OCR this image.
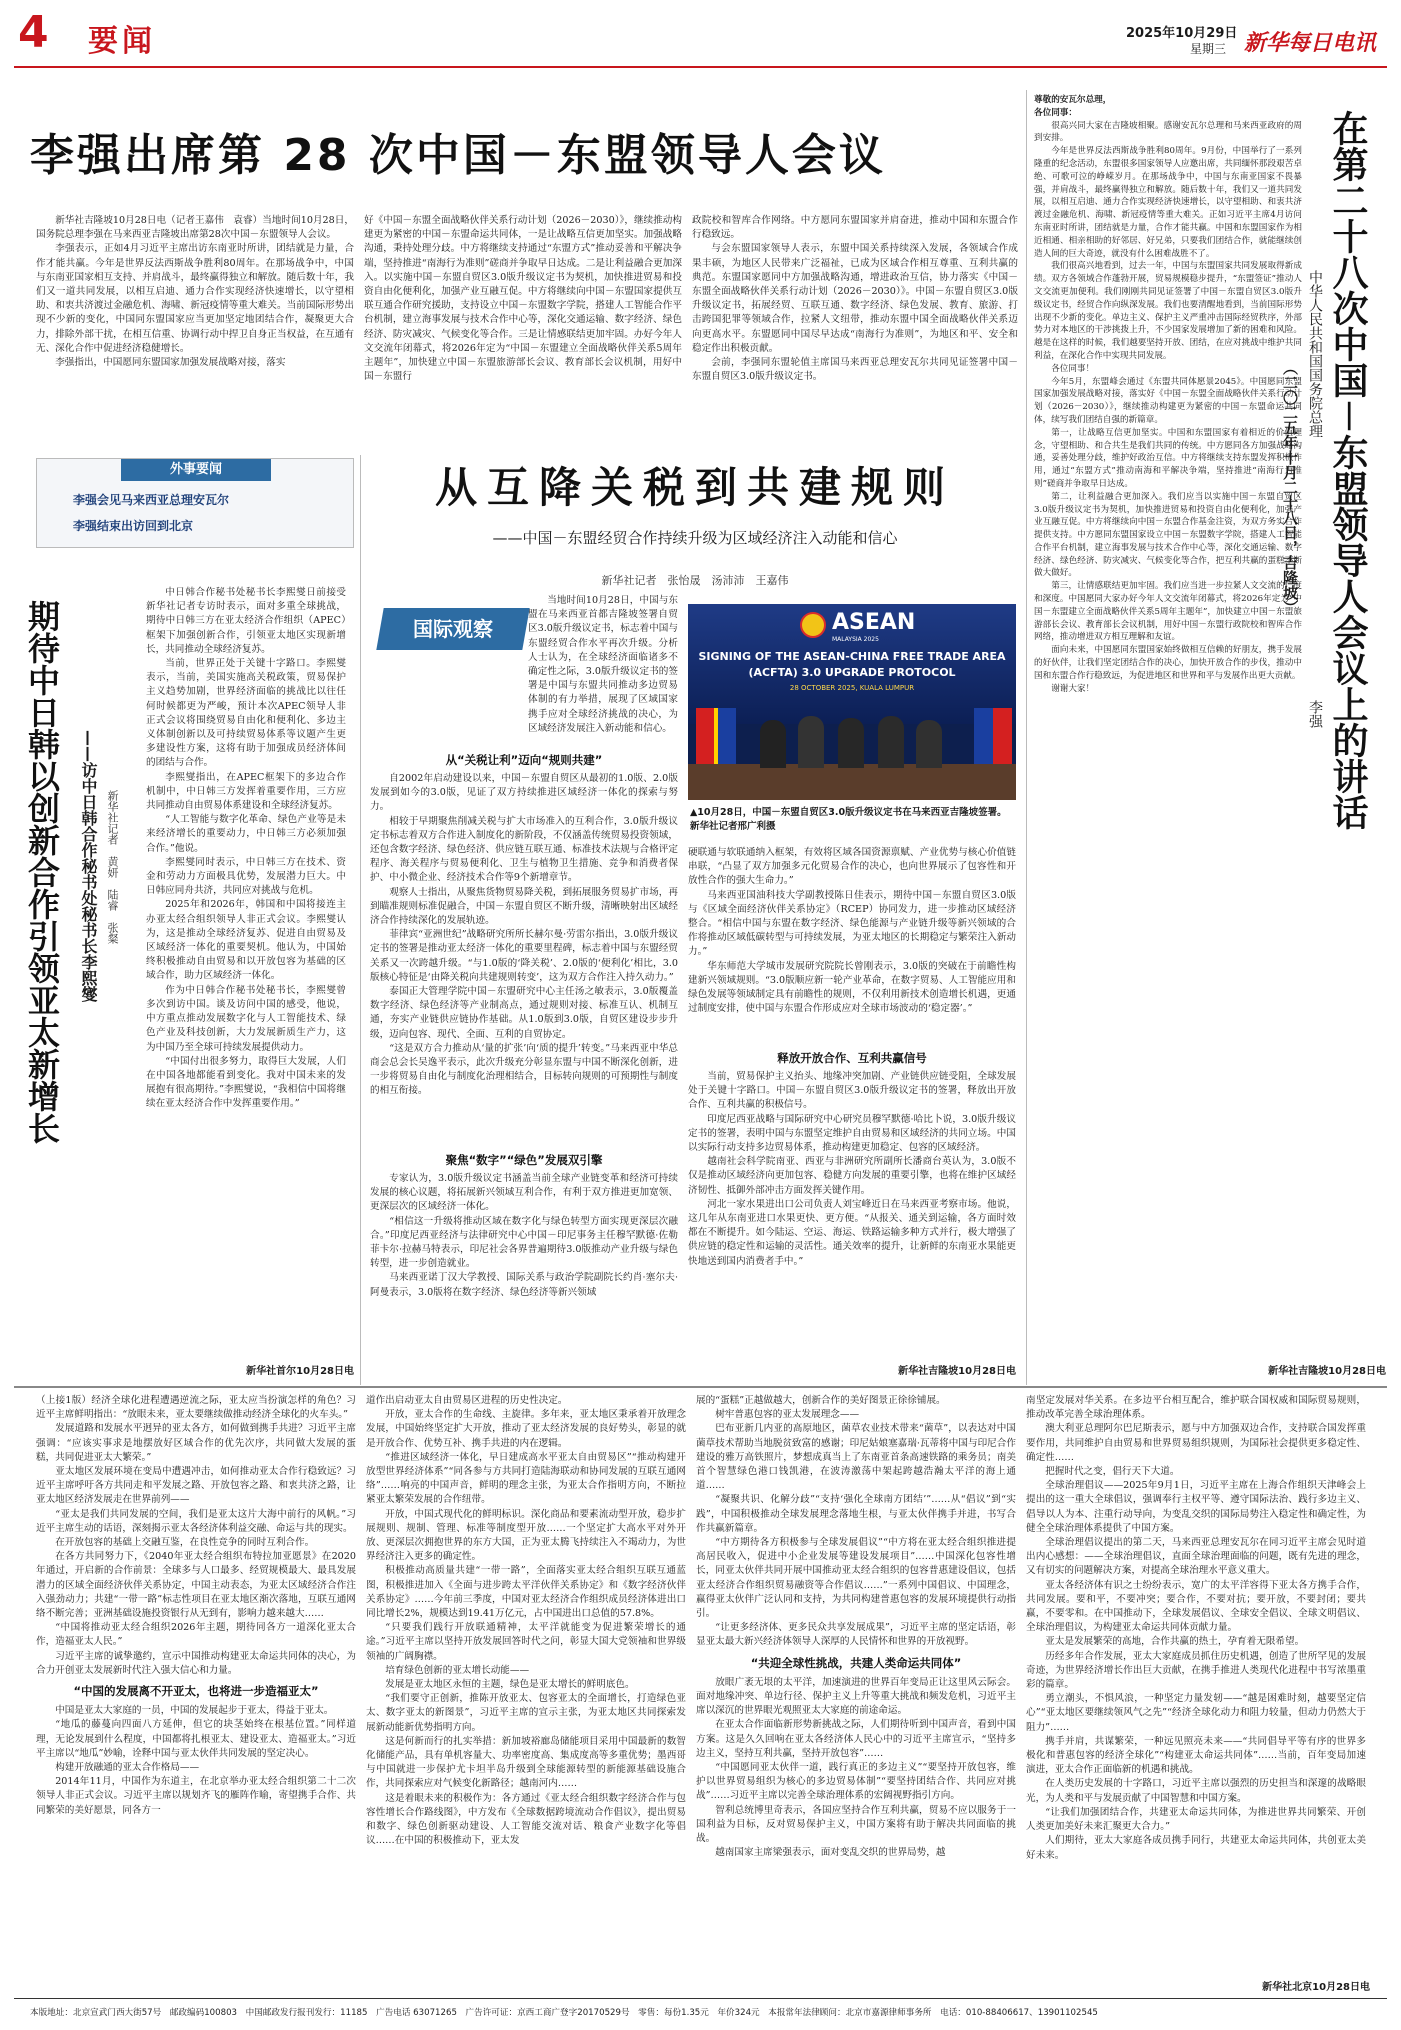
4 要闻	2025年10月29日
星期三 新华每日电讯
李强出席第 28 次中国－东盟领导人会议

新华社吉隆坡10月28日电（记者王嘉伟　袁睿）当地时间10月28日，国务院总理李强在马来西亚吉隆坡出席第28次中国－东盟领导人会议。

李强表示，正如4月习近平主席出访东南亚时所讲，团结就是力量，合作才能共赢。今年是世界反法西斯战争胜利80周年。在那场战争中，中国与东南亚国家相互支持、并肩战斗，最终赢得独立和解放。随后数十年，我们又一道共同发展，以相互启迪、通力合作实现经济快速增长，以守望相助、和衷共济渡过金融危机、海啸、新冠疫情等重大难关。当前国际形势出现不少新的变化，中国同东盟国家应当更加坚定地团结合作，凝聚更大合力，排除外部干扰，在相互信重、协调行动中捍卫自身正当权益，在互通有无、深化合作中促进经济稳健增长。

李强指出，中国愿同东盟国家加强发展战略对接，落实

好《中国－东盟全面战略伙伴关系行动计划（2026－2030）》，继续推动构建更为紧密的中国－东盟命运共同体，一是让战略互信更加坚实。加强战略沟通，秉持处理分歧。中方将继续支持通过“东盟方式”推动妥善和平解决争端，坚持推进“南海行为准则”磋商并争取早日达成。二是让利益融合更加深入。以实施中国－东盟自贸区3.0版升级议定书为契机，加快推进贸易和投资自由化便利化，加强产业互融互促。中方将继续向中国－东盟国家提供互联互通合作研究援助，支持设立中国－东盟数字学院，搭建人工智能合作平台机制，建立海事发展与技术合作中心等，深化交通运输、数字经济、绿色经济、防灾减灾、气候变化等合作。三是让情感联结更加牢固。办好今年人文交流年闭幕式，将2026年定为“中国－东盟建立全面战略伙伴关系5周年主题年”，加快建立中国－东盟旅游部长会议、教育部长会议机制，用好中国－东盟行

政院校和智库合作网络。中方愿同东盟国家并肩奋进，推动中国和东盟合作行稳致远。

与会东盟国家领导人表示，东盟中国关系持续深入发展，各领域合作成果丰硕，为地区人民带来广泛福祉，已成为区域合作相互尊重、互利共赢的典范。东盟国家愿同中方加强战略沟通，增进政治互信，协力落实《中国－东盟全面战略伙伴关系行动计划（2026－2030）》。中国－东盟自贸区3.0版升级议定书，拓展经贸、互联互通、数字经济、绿色发展、教育、旅游、打击跨国犯罪等领域合作，拉紧人文纽带，推动东盟中国全面战略伙伴关系迈向更高水平。东盟愿同中国尽早达成“南海行为准则”，为地区和平、安全和稳定作出积极贡献。

会前，李强同东盟轮值主席国马来西亚总理安瓦尔共同见证签署中国－东盟自贸区3.0版升级议定书。

外事要闻
李强会见马来西亚总理安瓦尔
李强结束出访回到北京
期待中日韩以创新合作引领亚太新增长 ——访中日韩合作秘书处秘书长李熙燮 新华社记者　黄妍　陆睿　张粲

中日韩合作秘书处秘书长李熙燮日前接受新华社记者专访时表示，面对多重全球挑战，期待中日韩三方在亚太经济合作组织（APEC）框架下加强创新合作，引领亚太地区实现新增长，共同推动全球经济复苏。

当前，世界正处于关键十字路口。李熙燮表示，当前，美国实施高关税政策，贸易保护主义趋势加剧，世界经济面临的挑战比以往任何时候都更为严峻，预计本次APEC领导人非正式会议将围绕贸易自由化和便利化、多边主义体制创新以及可持续贸易体系等议题产生更多建设性方案，这将有助于加强成员经济体间的团结与合作。

李熙燮指出，在APEC框架下的多边合作机制中，中日韩三方发挥着重要作用，三方应共同推动自由贸易体系建设和全球经济复苏。

“人工智能与数字化革命、绿色产业等是未来经济增长的重要动力，中日韩三方必须加强合作。”他说。

李熙燮同时表示，中日韩三方在技术、资金和劳动力方面极具优势，发展潜力巨大。中日韩应同舟共济，共同应对挑战与危机。

2025年和2026年，韩国和中国将接连主办亚太经合组织领导人非正式会议。李熙燮认为，这是推动全球经济复苏、促进自由贸易及区域经济一体化的重要契机。他认为，中国始终积极推动自由贸易和以开放包容为基础的区域合作，助力区域经济一体化。

作为中日韩合作秘书处秘书长，李熙燮曾多次到访中国。谈及访问中国的感受，他说，中方重点推动发展数字化与人工智能技术、绿色产业及科技创新，大力发展新质生产力，这为中国乃至全球可持续发展提供动力。

“中国付出很多努力，取得巨大发展，人们在中国各地都能看到变化。我对中国未来的发展抱有很高期待。”李熙燮说，“我相信中国将继续在亚太经济合作中发挥重要作用。”

新华社首尔10月28日电
从互降关税到共建规则
——中国－东盟经贸合作持续升级为区域经济注入动能和信心
新华社记者　张怡晟　汤沛沛　王嘉伟
国际观察

当地时间10月28日，中国与东盟在马来西亚首都吉隆坡签署自贸区3.0版升级议定书，标志着中国与东盟经贸合作水平再次升级。分析人士认为，在全球经济面临诸多不确定性之际，3.0版升级议定书的签署是中国与东盟共同推动多边贸易体制的有力举措，展现了区域国家携手应对全球经济挑战的决心，为区域经济发展注入新动能和信心。

ASEAN
MALAYSIA 2025
SIGNING OF THE ASEAN-CHINA FREE TRADE AREA
(ACFTA) 3.0 UPGRADE PROTOCOL
28 OCTOBER 2025, KUALA LUMPUR
▲10月28日，中国－东盟自贸区3.0版升级议定书在马来西亚吉隆坡签署。　新华社记者邢广利摄
从“关税让利”迈向“规则共建”

自2002年启动建设以来，中国－东盟自贸区从最初的1.0版、2.0版发展到如今的3.0版，见证了双方持续推进区域经济一体化的探索与努力。

相较于早期聚焦削减关税与扩大市场准入的互利合作，3.0版升级议定书标志着双方合作进入制度化的新阶段，不仅涵盖传统贸易投资领域，还包含数字经济、绿色经济、供应链互联互通、标准技术法规与合格评定程序、海关程序与贸易便利化、卫生与植物卫生措施、竞争和消费者保护、中小微企业、经济技术合作等9个新增章节。

观察人士指出，从聚焦货物贸易降关税，到拓展服务贸易扩市场，再到瞄准规则标准促融合，中国－东盟自贸区不断升级，清晰映射出区域经济合作持续深化的发展轨迹。

菲律宾“亚洲世纪”战略研究所所长赫尔曼·劳雷尔指出，3.0版升级议定书的签署是推动亚太经济一体化的重要里程碑，标志着中国与东盟经贸关系又一次跨越升级。“与1.0版的‘降关税’、2.0版的‘便利化’相比，3.0版核心特征是‘由降关税向共建规则转变’，这为双方合作注入持久动力。”

泰国正大管理学院中国－东盟研究中心主任汤之敏表示，3.0版覆盖数字经济、绿色经济等产业制高点，通过规则对接、标准互认、机制互通，夯实产业链供应链协作基础。从1.0版到3.0版，自贸区建设步步升级，迈向包容、现代、全面、互利的自贸协定。

“这是双方合力推动从‘量的扩张’向‘质的提升’转变。”马来西亚中华总商会总会长吴逸平表示，此次升级充分彰显东盟与中国不断深化创新，进一步将贸易自由化与制度化治理相结合，目标转向规则的可预期性与制度的相互衔接。

聚焦“数字”“绿色”发展双引擎

专家认为，3.0版升级议定书涵盖当前全球产业链变革和经济可持续发展的核心议题，将拓展新兴领域互利合作，有利于双方推进更加宽领、更深层次的区域经济一体化。

“相信这一升级将推动区域在数字化与绿色转型方面实现更深层次融合。”印度尼西亚经济与法律研究中心中国－印尼事务主任穆罕默德·佐勒菲卡尔·拉赫马特表示，印尼社会各界普遍期待3.0版推动产业升级与绿色转型，进一步创造就业。

马来西亚诺丁汉大学教授、国际关系与政治学院副院长约肖·塞尔夫·阿曼表示，3.0版将在数字经济、绿色经济等新兴领域

硬联通与软联通纳入框架，有效将区域各国资源禀赋、产业优势与核心价值链串联，“凸显了双方加强多元化贸易合作的决心，也向世界展示了包容性和开放性合作的强大生命力。”

马来西亚国油科技大学副教授陈日佳表示，期待中国－东盟自贸区3.0版与《区域全面经济伙伴关系协定》（RCEP）协同发力，进一步推动区域经济整合。“相信中国与东盟在数字经济、绿色能源与产业链升级等新兴领域的合作将推动区域低碳转型与可持续发展，为亚太地区的长期稳定与繁荣注入新动力。”

华东师范大学城市发展研究院院长曾刚表示，3.0版的突破在于前瞻性构建新兴领域规则。“3.0版顺应新一轮产业革命，在数字贸易、人工智能应用和绿色发展等领域制定具有前瞻性的规则，不仅利用新技术创造增长机遇，更通过制度安排，使中国与东盟合作形成应对全球市场波动的‘稳定器’。”

释放开放合作、互利共赢信号

当前，贸易保护主义抬头、地缘冲突加剧、产业链供应链受阻，全球发展处于关键十字路口。中国－东盟自贸区3.0版升级议定书的签署，释放出开放合作、互利共赢的积极信号。

印度尼西亚战略与国际研究中心研究员穆罕默德·哈比卜说，3.0版升级议定书的签署，表明中国与东盟坚定维护自由贸易和区域经济的共同立场。中国以实际行动支持多边贸易体系，推动构建更加稳定、包容的区域经济。

越南社会科学院南亚、西亚与非洲研究所副所长潘商台英认为，3.0版不仅是推动区域经济向更加包容、稳健方向发展的重要引擎，也将在维护区域经济韧性、抵御外部冲击方面发挥关键作用。

河北一家水果进出口公司负责人刘宝峰近日在马来西亚考察市场。他说，这几年从东南亚进口水果更快、更方便。“从报关、通关到运输，各方面时效都在不断提升。如今陆运、空运、海运、铁路运输多种方式并行，极大增强了供应链的稳定性和运输的灵活性。通关效率的提升，让新鲜的东南亚水果能更快地送到国内消费者手中。”

新华社吉隆坡10月28日电
尊敬的安瓦尔总理，
各位同事：

很高兴同大家在吉隆坡相聚。感谢安瓦尔总理和马来西亚政府的周到安排。

今年是世界反法西斯战争胜利80周年。9月份，中国举行了一系列隆重的纪念活动，东盟很多国家领导人应邀出席，共同缅怀那段艰苦卓绝、可歌可泣的峥嵘岁月。在那场战争中，中国与东南亚国家不畏暴强，并肩战斗，最终赢得独立和解放。随后数十年，我们又一道共同发展，以相互启迪、通力合作实现经济快速增长，以守望相助、和衷共济渡过金融危机、海啸、新冠疫情等重大难关。正如习近平主席4月访问东南亚时所讲，团结就是力量，合作才能共赢。中国和东盟国家作为相近相通、相亲相助的好邻居、好兄弟，只要我们团结合作，就能继续创造人间的巨大奇迹，就没有什么困难战胜不了。

我们很高兴地看到，过去一年，中国与东盟国家共同发展取得新成绩。双方各领域合作蓬勃开展，贸易规模稳步提升，“东盟签证”推动人文交流更加便利。我们刚刚共同见证签署了中国－东盟自贸区3.0版升级议定书，经贸合作向纵深发展。我们也要清醒地看到，当前国际形势出现不少新的变化。单边主义、保护主义严重冲击国际经贸秩序，外部势力对本地区的干涉挑拨上升，不少国家发展增加了新的困难和风险。越是在这样的时候，我们越要坚持开放、团结，在应对挑战中维护共同利益，在深化合作中实现共同发展。

各位同事！

今年5月，东盟峰会通过《东盟共同体愿景2045》。中国愿同东盟国家加强发展战略对接，落实好《中国－东盟全面战略伙伴关系行动计划（2026－2030）》，继续推动构建更为紧密的中国－东盟命运共同体，续写我们团结自强的新篇章。

第一，让战略互信更加坚实。中国和东盟国家有着相近的价值理念，守望相助、和合共生是我们共同的传统。中方愿同各方加强战略沟通，妥善处理分歧，维护好政治互信。中方将继续支持东盟发挥积极作用，通过“东盟方式”推动南海和平解决争端，坚持推进“南海行为准则”磋商并争取早日达成。

第二，让利益融合更加深入。我们应当以实施中国－东盟自贸区3.0版升级议定书为契机，加快推进贸易和投资自由化便利化，加强产业互融互促。中方将继续向中国－东盟合作基金注资，为双方务实合作提供支持。中方愿同东盟国家设立中国－东盟数字学院，搭建人工智能合作平台机制，建立海事发展与技术合作中心等，深化交通运输、数字经济、绿色经济、防灾减灾、气候变化等合作，把互利共赢的蛋糕不断做大做好。

第三，让情感联结更加牢固。我们应当进一步拉紧人文交流的广度和深度。中国愿同大家办好今年人文交流年闭幕式，将2026年定为“中国－东盟建立全面战略伙伴关系5周年主题年”，加快建立中国－东盟旅游部长会议、教育部长会议机制，用好中国－东盟行政院校和智库合作网络，推动增进双方相互理解和友谊。

面向未来，中国愿同东盟国家始终做相互信赖的好朋友，携手发展的好伙伴，让我们坚定团结合作的决心，加快开放合作的步伐，推动中国和东盟合作行稳致远，为促进地区和世界和平与发展作出更大贡献。

谢谢大家！	在第二十八次中国－东盟领导人会议上的讲话
（二〇二五年十月二十八日，吉隆坡）
中华人民共和国国务院总理
李强
新华社吉隆坡10月28日电

（上接1版）经济全球化进程遭遇逆流之际，亚太应当扮演怎样的角色？习近平主席鲜明指出：“放眼未来，亚太要继续做推动经济全球化的火车头。”

发展道路和发展水平迥异的亚太各方，如何做到携手共进？习近平主席强调：“应该实事求是地摆放好区域合作的优先次序，共同做大发展的蛋糕，共同促进亚太大繁荣。”

亚太地区发展环境在变局中遭遇冲击，如何推动亚太合作行稳致远？习近平主席呼吁各方共同走和平发展之路、开放包容之路、和衷共济之路，让亚太地区经济发展走在世界前列——

“亚太是我们共同发展的空间，我们是亚太这片大海中前行的风帆。”习近平主席生动的话语，深刻揭示亚太各经济体利益交融、命运与共的现实。

在开放包容的基础上交融互鉴，在良性竞争的同时互利合作。

在各方共同努力下，《2040年亚太经合组织布特拉加亚愿景》在2020年通过，开启新的合作前景：全球多与人口最多、经贸规模最大、最具发展潜力的区域全面经济伙伴关系协定，中国主动表态，为亚太区域经济合作注入强劲动力；共建“一带一路”标志性项目在亚太地区渐次落地，互联互通网络不断完善；亚洲基础设施投资银行从无到有，影响力越来越大……

“中国将推动亚太经合组织2026年主题，期待同各方一道深化亚太合作，造福亚太人民。”

习近平主席的诚挚邀约，宣示中国推动构建亚太命运共同体的决心，为合力开创亚太发展新时代注入强大信心和力量。

“中国的发展离不开亚太，也将进一步造福亚太”

中国是亚太大家庭的一员，中国的发展起步于亚太，得益于亚太。

“地瓜的藤蔓向四面八方延伸，但它的块茎始终在根基位置。”同样道理，无论发展到什么程度，中国都将扎根亚太、建设亚太、造福亚太。”习近平主席以“地瓜”妙喻，诠释中国与亚太伙伴共同发展的坚定决心。

构建开放融通的亚太合作格局——

2014年11月，中国作为东道主，在北京举办亚太经合组织第二十二次领导人非正式会议。习近平主席以规划齐飞的雁阵作喻，寄望携手合作、共同繁荣的美好愿景，同各方一

道作出启动亚太自由贸易区进程的历史性决定。

开放，亚太合作的生命线、主旋律。多年来，亚太地区秉承着开放理念发展，中国始终坚定扩大开放，推动了亚太经济发展的良好势头，彰显的就是开放合作、优势互补、携手共进的内在逻辑。

“推进区域经济一体化，早日建成高水平亚太自由贸易区”“推动构建开放型世界经济体系”“同各参与方共同打造陆海联动和协同发展的互联互通网络”……响亮的中国声音，鲜明的理念主张，为亚太合作指明方向，不断拉紧亚太繁荣发展的合作纽带。

开放，中国式现代化的鲜明标识。深化商品和要素流动型开放，稳步扩展规则、规制、管理、标准等制度型开放……一个坚定扩大高水平对外开放、更深层次拥抱世界的东方大国，正为亚太腾飞持续注入不竭动力，为世界经济注入更多的确定性。

积极推动高质量共建“一带一路”，全面落实亚太经合组织互联互通蓝图，积极推进加入《全面与进步跨太平洋伙伴关系协定》和《数字经济伙伴关系协定》……今年前三季度，中国对亚太经济合作组织成员经济体进出口同比增长2%，规模达到19.41万亿元，占中国进出口总值的57.8%。

“只要我们践行开放联通精神，太平洋就能变为促进繁荣增长的通途。”习近平主席以坚持开放发展回答时代之问，彰显大国大党领袖和世界级领袖的广阔胸襟。

培育绿色创新的亚太增长动能——

发展是亚太地区永恒的主题，绿色是亚太增长的鲜明底色。

“我们要守正创新，推陈开放亚太、包容亚太的全面增长，打造绿色亚太、数字亚太的新图景”，习近平主席的宣示主张，为亚太地区共同探索发展新动能新优势指明方向。

这是何新而行的扎实举措：新加坡裕廊岛储能项目采用中国最新的数智化储能产品，具有单机容量大、功率密度高、集成度高等多重优势；墨西哥与中国就进一步保护尤卡坦半岛升级到全球能源转型的新能源基础设施合作，共同探索应对气候变化新路径；越南河内……

这是着眼未来的积极作为：各方通过《亚太经合组织数字经济合作与包容性增长合作路线图》，中方发布《全球数据跨境流动合作倡议》，提出贸易和数字、绿色创新驱动建设、人工智能交流对话、粮食产业数字化等倡议……在中国的积极推动下，亚太发

展的“蛋糕”正越做越大，创新合作的美好图景正徐徐铺展。

树牢普惠包容的亚太发展理念——

巴布亚新几内亚的高原地区，菌草农业技术带来“菌草”，以表达对中国菌草技术帮助当地脱贫致富的感谢；印尼姑娘塞嘉瑞·瓦蒂将中国与印尼合作建设的雅万高铁照片，梦想成真当上了东南亚首条高速铁路的乘务员；南美首个智慧绿色港口钱凯港，在波涛激荡中架起跨越浩瀚太平洋的海上通道……

“凝聚共识、化解分歧”“支持‘强化全球南方团结’”……从“倡议”到“实践”，中国积极推动全球发展理念落地生根，与亚太伙伴携手并进，书写合作共赢新篇章。

“中方期待各方积极参与全球发展倡议”“中方将在亚太经合组织推进提高居民收入，促进中小企业发展等建设发展项目”……中国深化包容性增长，同亚太伙伴共同开展中国推动亚太经合组织的包容普惠建设倡议，包括亚太经济合作组织贸易融资等合作倡议……”一系列中国倡议、中国理念，赢得亚太伙伴广泛认同和支持，为共同构建普惠包容的发展环境提供行动指引。

“让更多经济体、更多民众共享发展成果”，习近平主席的坚定话语，彰显亚太最大新兴经济体领导人深厚的人民情怀和世界的开放视野。

“共迎全球性挑战，共建人类命运共同体”

放眼广袤无垠的太平洋，加速演进的世界百年变局正让这里风云际会。面对地缘冲突、单边行径、保护主义上升等重大挑战和频发危机，习近平主席以深沉的世界眼光观照亚太大家庭的前途命运。

在亚太合作面临新形势新挑战之际，人们期待听到中国声音，看到中国方案。这是久久回响在亚太各经济体人民心中的习近平主席宣示，“坚持多边主义，坚持互利共赢，坚持开放包容”……

“中国愿同亚太伙伴一道，践行真正的多边主义”“要坚持开放包容，维护以世界贸易组织为核心的多边贸易体制”“要坚持团结合作、共同应对挑战”……习近平主席以完善全球治理体系的宏阔视野指引方向。

智利总统博里奇表示，各国应坚持合作互利共赢，贸易不应以服务于一国利益为目标，反对贸易保护主义，中国方案将有助于解决共同面临的挑战。

越南国家主席梁强表示，面对变乱交织的世界局势，越

南坚定发展对华关系。在多边平台相互配合，维护联合国权威和国际贸易规则，推动改革完善全球治理体系。

澳大利亚总理阿尔巴尼斯表示，愿与中方加强双边合作，支持联合国发挥重要作用，共同维护自由贸易和世界贸易组织规则，为国际社会提供更多稳定性、确定性……

把握时代之变，倡行天下大道。

全球治理倡议——2025年9月1日，习近平主席在上海合作组织天津峰会上提出的这一重大全球倡议，强调奉行主权平等、遵守国际法治、践行多边主义、倡导以人为本、注重行动导向，为变乱交织的国际局势注入稳定性和确定性，为健全全球治理体系提供了中国方案。

全球治理倡议提出的第二天，马来西亚总理安瓦尔在同习近平主席会见时道出内心感想：——全球治理倡议，直面全球治理面临的问题，既有先进的理念，又有切实的问题解决方案，对提高全球治理水平意义重大。

亚太各经济体有识之士纷纷表示，宽广的太平洋容得下亚太各方携手合作，共同发展。要和平，不要冲突；要合作，不要对抗；要开放，不要封闭；要共赢，不要零和。在中国推动下，全球发展倡议、全球安全倡议、全球文明倡议、全球治理倡议，为构建亚太命运共同体贡献力量。

亚太是发展繁荣的高地，合作共赢的热土，孕育着无限希望。

历经多年合作发展，亚太大家庭成员抓住历史机遇，创造了世所罕见的发展奇迹，为世界经济增长作出巨大贡献，在携手推进人类现代化进程中书写浓墨重彩的篇章。

勇立潮头，不惧风浪，一种坚定力量发轫——“越是困难时刻，越要坚定信心”“亚太地区要继续领风气之先”“经济全球化动力和阻力较量，但动力仍然大于阻力”……

携手并肩，共谋繁荣，一种远见照亮未来——“共同倡导平等有序的世界多极化和普惠包容的经济全球化”“构建亚太命运共同体”……当前，百年变局加速演进，亚太合作正面临新的机遇和挑战。

在人类历史发展的十字路口，习近平主席以强烈的历史担当和深邃的战略眼光，为人类和平与发展贡献了中国智慧和中国方案。

“让我们加强团结合作，共建亚太命运共同体，为推进世界共同繁荣、开创人类更加美好未来汇聚更大合力。”

人们期待，亚太大家庭各成员携手同行，共建亚太命运共同体，共创亚太美好未来。

新华社北京10月28日电
本版地址：北京宣武门西大街57号　邮政编码100803　中国邮政发行报刊发行：11185　广告电话 63071265　广告许可证：京西工商广登字20170529号　零售：每份1.35元　年价324元　本报常年法律顾问：北京市嘉源律师事务所　电话：010-88406617、13901102545
